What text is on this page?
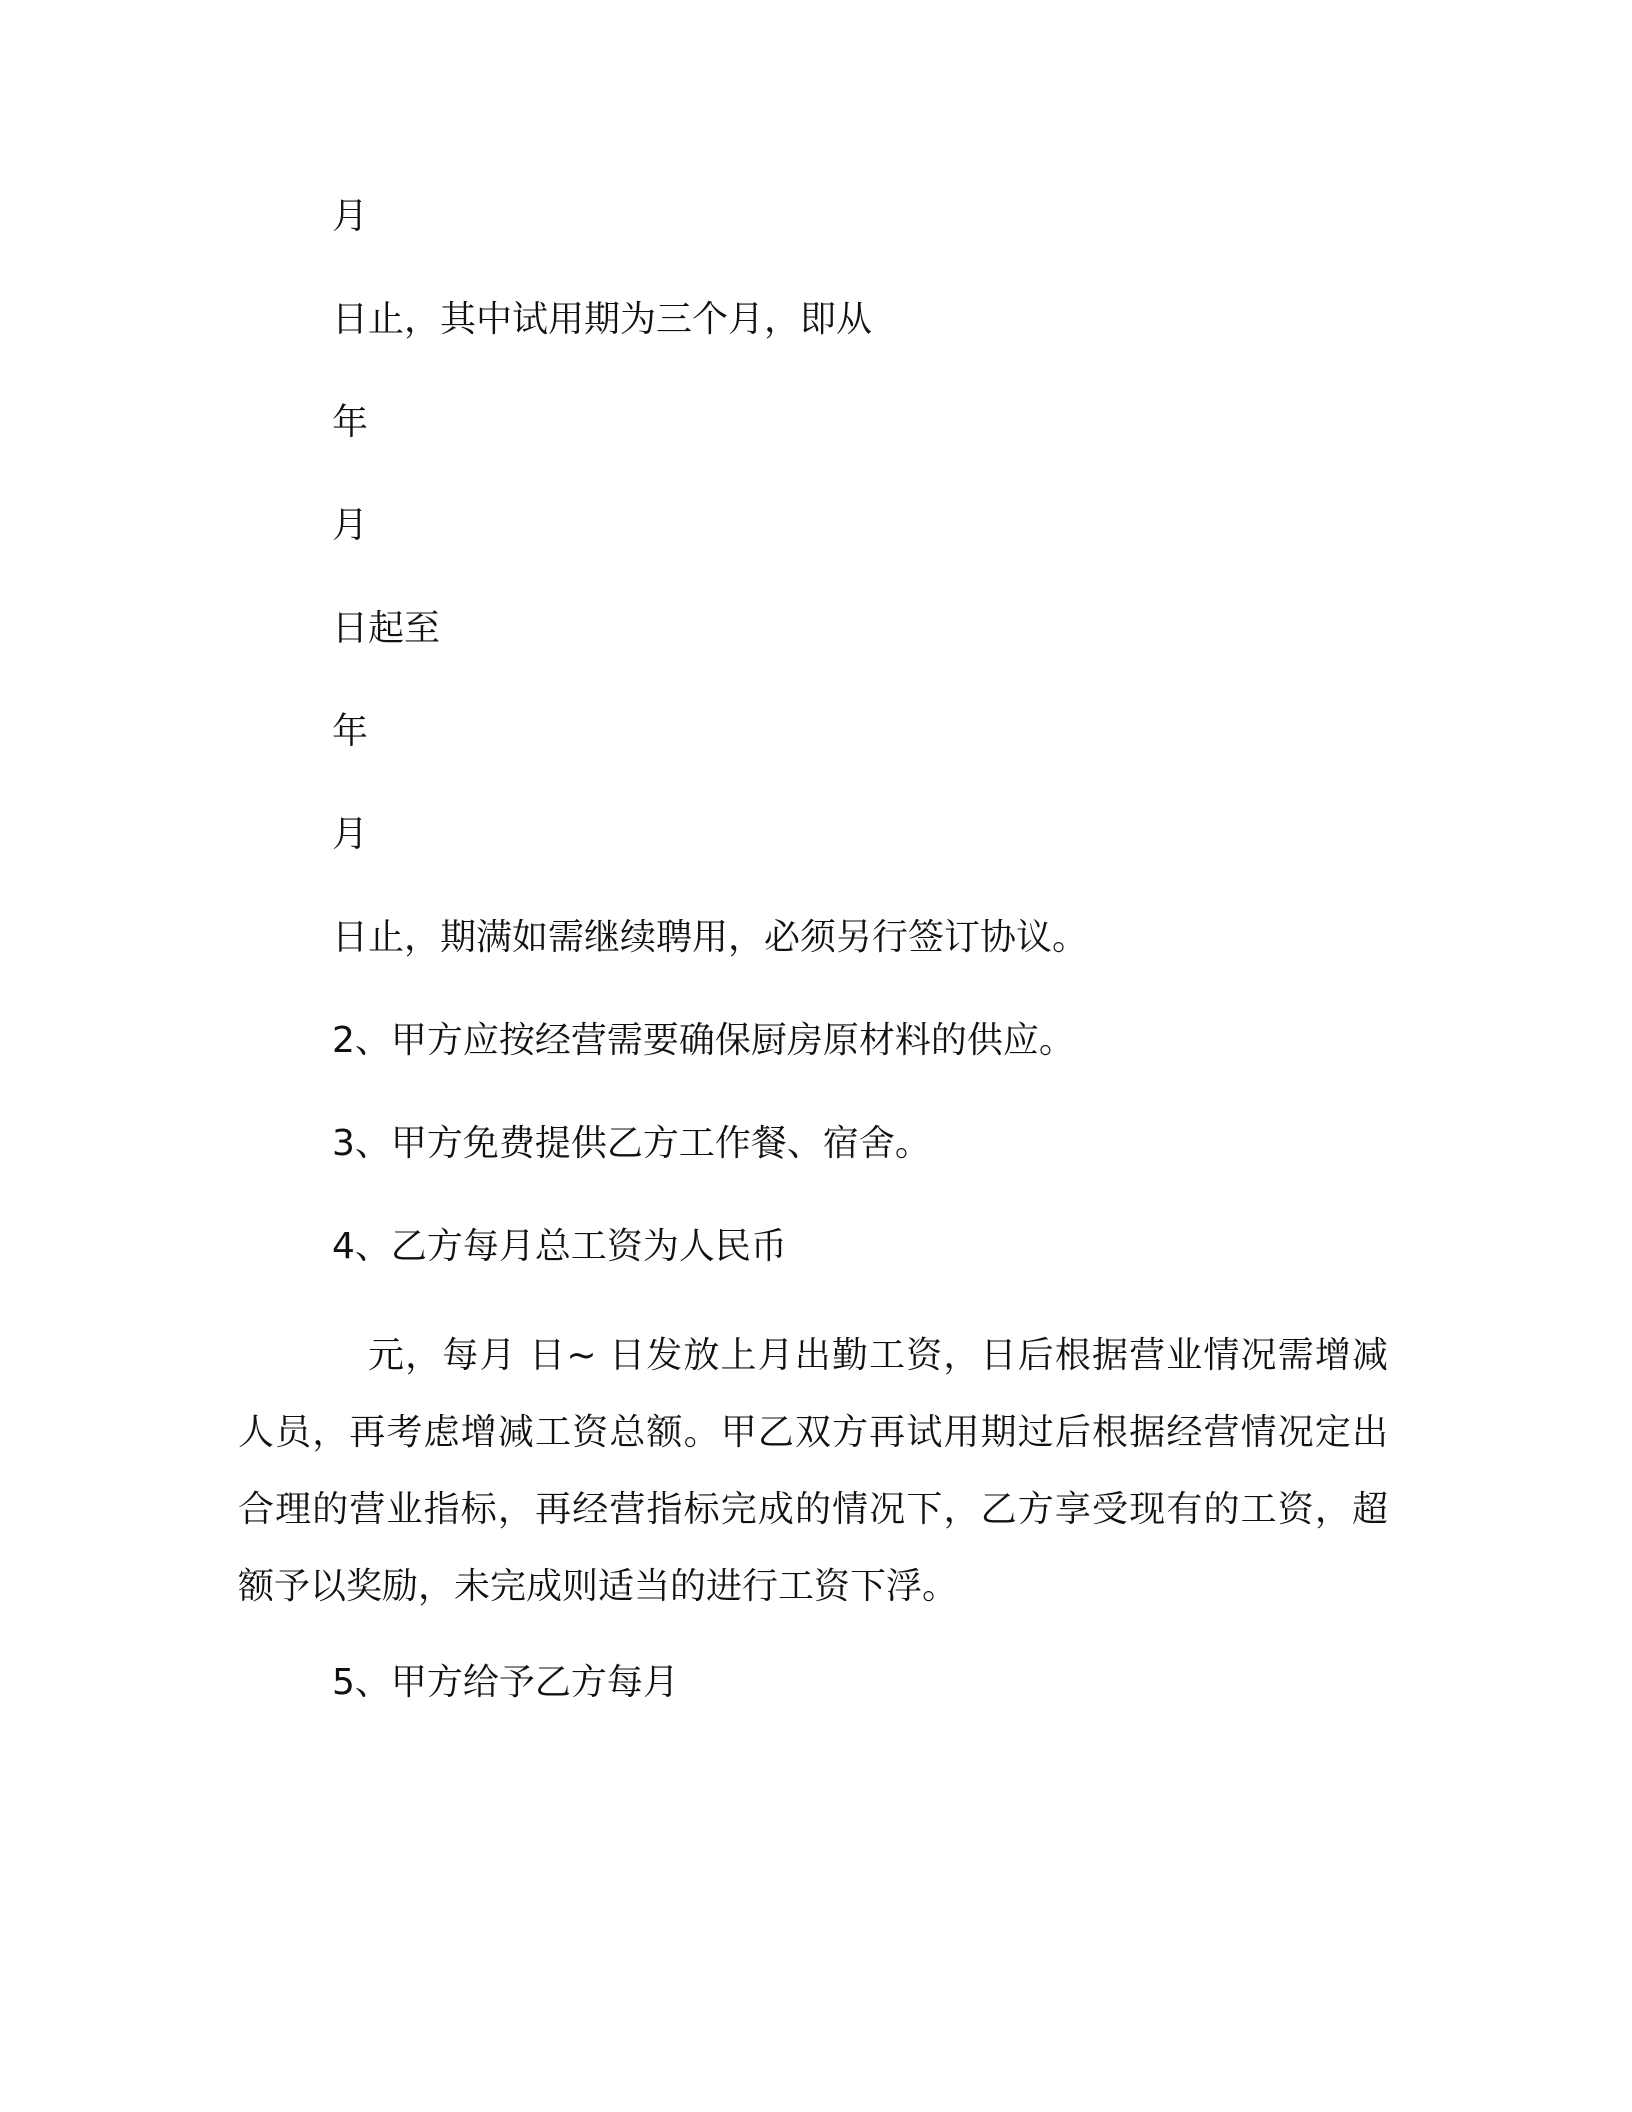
月
日止，其中试用期为三个月，即从
年
月
日起至
年
月
日止，期满如需继续聘用，必须另行签订协议。
2、甲方应按经营需要确保厨房原材料的供应。
3、甲方免费提供乙方工作餐、宿舍。
4、乙方每月总工资为人民币
元，每月 日~ 日发放上月出勤工资，日后根据营业情况需增减人员，再考虑增减工资总额。甲乙双方再试用期过后根据经营情况定出合理的营业指标，再经营指标完成的情况下，乙方享受现有的工资，超额予以奖励，未完成则适当的进行工资下浮。
5、甲方给予乙方每月
